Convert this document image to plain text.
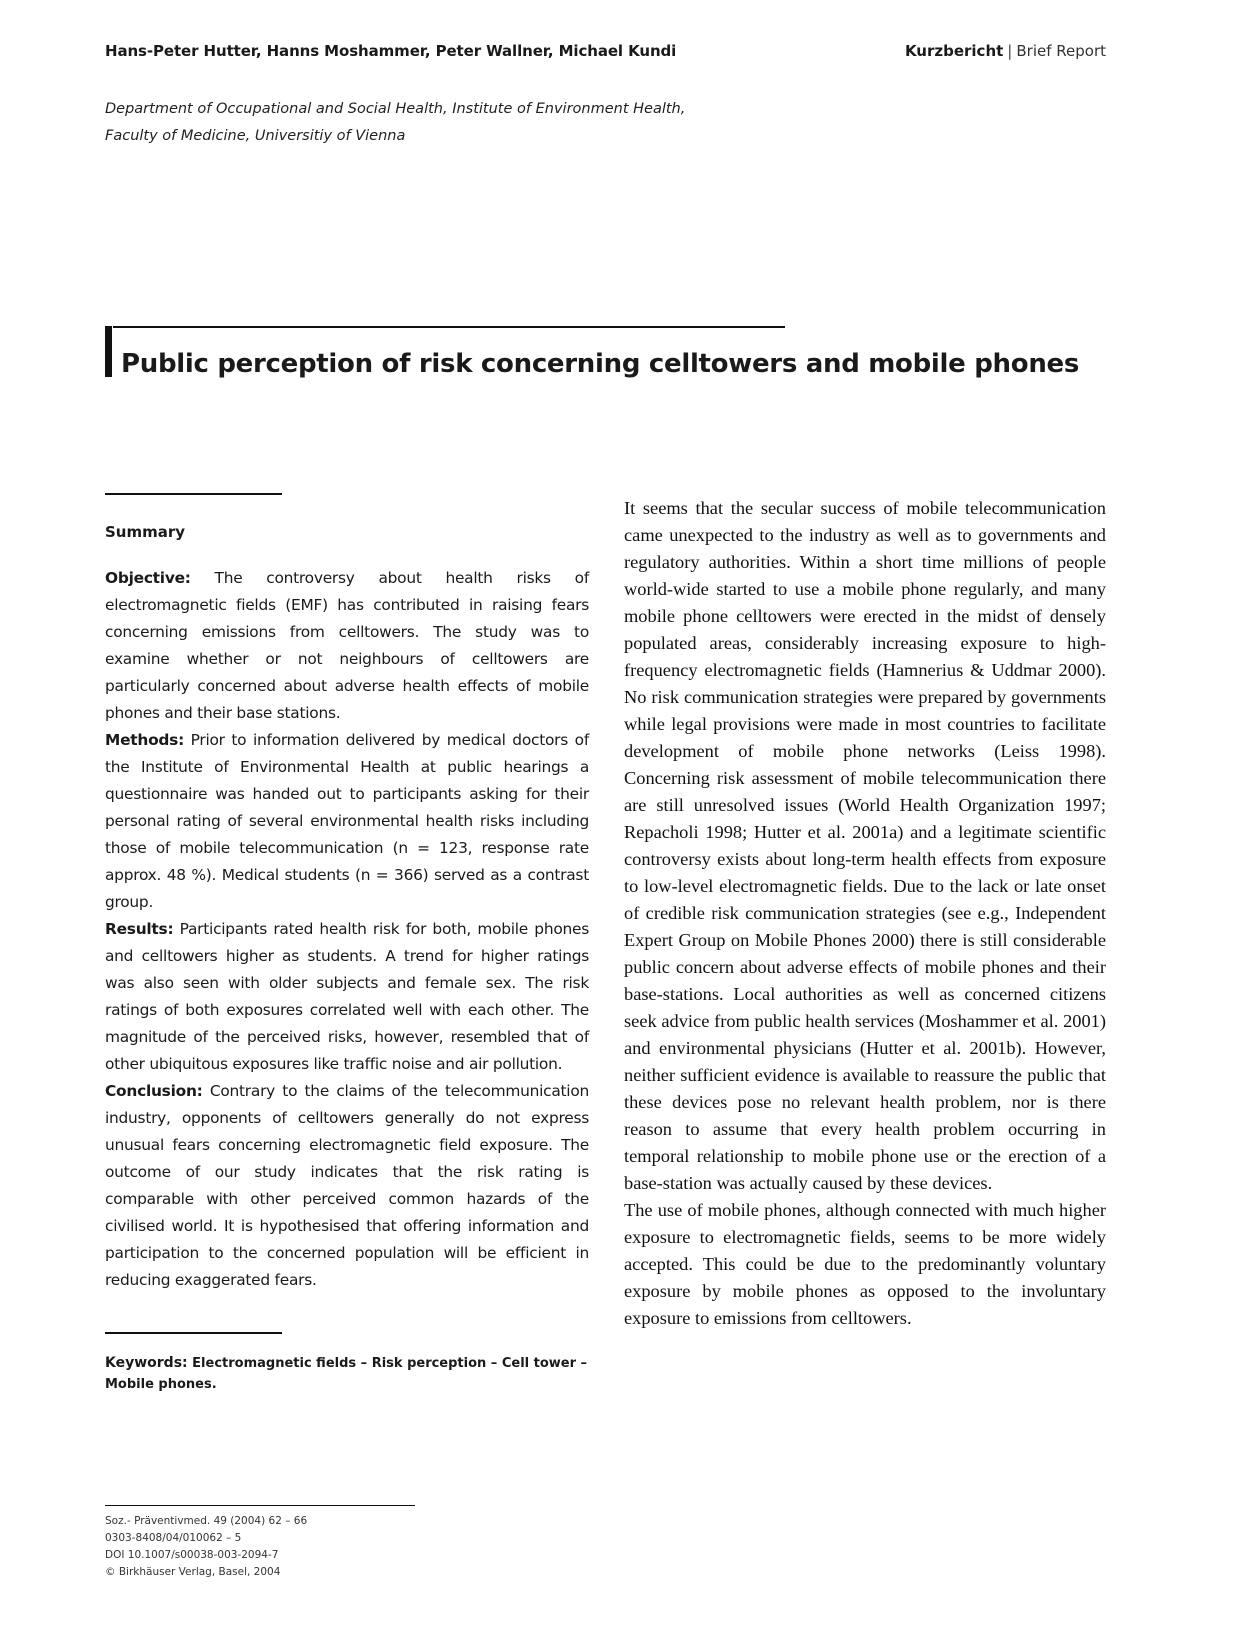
Hans-Peter Hutter, Hanns Moshammer, Peter Wallner, Michael Kundi	Kurzbericht | Brief Report
Department of Occupational and Social Health, Institute of Environment Health,
Faculty of Medicine, Universitiy of Vienna
Public perception of risk concerning celltowers and mobile phones
Summary

Objective: The controversy about health risks of electromagnetic fields (EMF) has contributed in raising fears concerning emissions from celltowers. The study was to examine whether or not neighbours of celltowers are particularly concerned about adverse health effects of mobile phones and their base stations.

Methods: Prior to information delivered by medical doctors of the Institute of Environmental Health at public hearings a questionnaire was handed out to participants asking for their personal rating of several environmental health risks including those of mobile telecommunication (n = 123, response rate approx. 48 %). Medical students (n = 366) served as a contrast group.

Results: Participants rated health risk for both, mobile phones and celltowers higher as students. A trend for higher ratings was also seen with older subjects and female sex. The risk ratings of both exposures correlated well with each other. The magnitude of the perceived risks, however, resembled that of other ubiquitous exposures like traffic noise and air pollution.

Conclusion: Contrary to the claims of the telecommunication industry, opponents of celltowers generally do not express unusual fears concerning electromagnetic field exposure. The outcome of our study indicates that the risk rating is comparable with other perceived common hazards of the civilised world. It is hypothesised that offering information and participation to the concerned population will be efficient in reducing exaggerated fears.

Keywords: Electromagnetic fields – Risk perception – Cell tower – Mobile phones.

It seems that the secular success of mobile telecommunication came unexpected to the industry as well as to governments and regulatory authorities. Within a short time millions of people world-wide started to use a mobile phone regularly, and many mobile phone celltowers were erected in the midst of densely populated areas, considerably increasing exposure to high-frequency electromagnetic fields (Hamnerius & Uddmar 2000). No risk communication strategies were prepared by governments while legal provisions were made in most countries to facilitate development of mobile phone networks (Leiss 1998). Concerning risk assessment of mobile telecommunication there are still unresolved issues (World Health Organization 1997; Repacholi 1998; Hutter et al. 2001a) and a legitimate scientific controversy exists about long-term health effects from exposure to low-level electromagnetic fields. Due to the lack or late onset of credible risk communication strategies (see e.g., Independent Expert Group on Mobile Phones 2000) there is still considerable public concern about adverse effects of mobile phones and their base-stations. Local authorities as well as concerned citizens seek advice from public health services (Moshammer et al. 2001) and environmental physicians (Hutter et al. 2001b). However, neither sufficient evidence is available to reassure the public that these devices pose no relevant health problem, nor is there reason to assume that every health problem occurring in temporal relationship to mobile phone use or the erection of a base-station was actually caused by these devices.

The use of mobile phones, although connected with much higher exposure to electromagnetic fields, seems to be more widely accepted. This could be due to the predominantly voluntary exposure by mobile phones as opposed to the involuntary exposure to emissions from celltowers.

Soz.- Präventivmed. 49 (2004) 62 – 66
0303-8408/04/010062 – 5
DOI 10.1007/s00038-003-2094-7
© Birkhäuser Verlag, Basel, 2004
